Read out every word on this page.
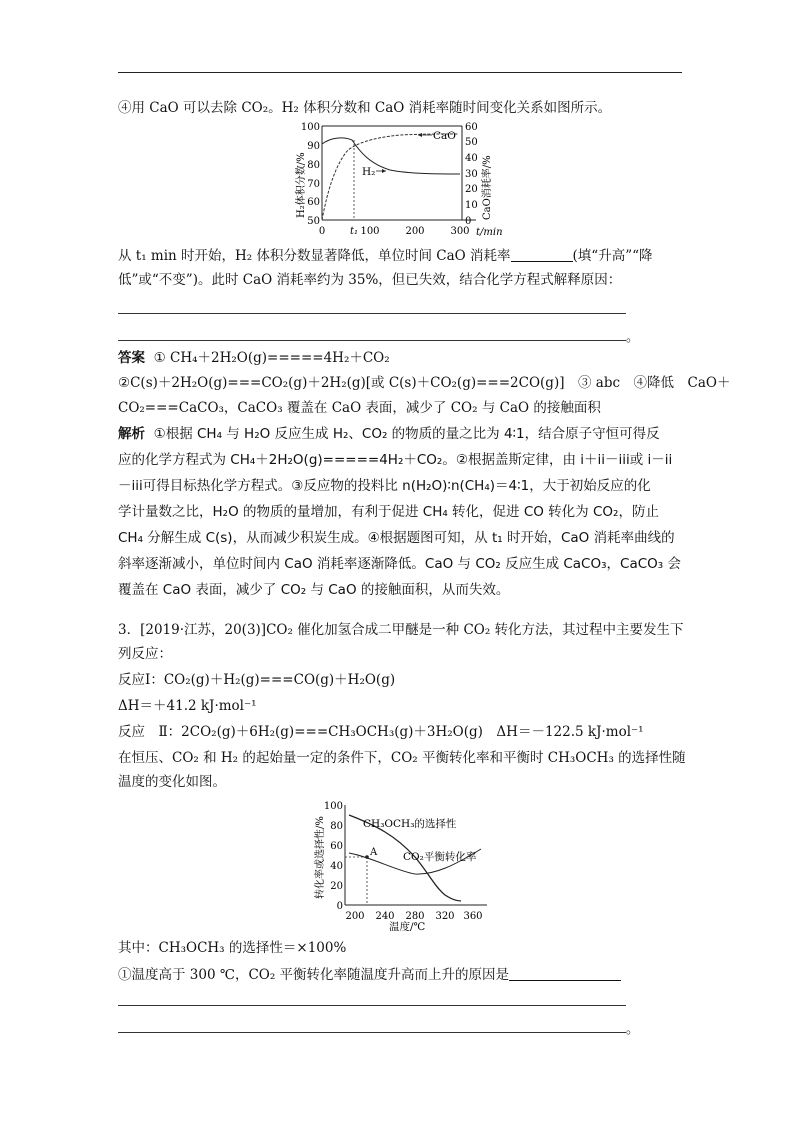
④用 CaO 可以去除 CO₂。H₂ 体积分数和 CaO 消耗率随时间变化关系如图所示。
100
90
80
70
60
50
60
50
40
30
20
10
0
0 t₁ 100	200	300 t/min
H₂体积分数/%	CaO消耗率/%
CaO
H₂
从 t₁ min 时开始，H₂ 体积分数显著降低，单位时间 CaO 消耗率	(填“升高”“降
低”或“不变”)。此时 CaO 消耗率约为 35%，但已失效，结合化学方程式解释原因：
。
答案 ① CH₄＋2H₂O(g)=====4H₂＋CO₂
②C(s)＋2H₂O(g)===CO₂(g)＋2H₂(g)[或 C(s)＋CO₂(g)===2CO(g)]　③ abc　④降低　CaO＋
CO₂===CaCO₃，CaCO₃ 覆盖在 CaO 表面，减少了 CO₂ 与 CaO 的接触面积
解析 ①根据 CH₄ 与 H₂O 反应生成 H₂、CO₂ 的物质的量之比为 4∶1，结合原子守恒可得反
应的化学方程式为 CH₄＋2H₂O(g)=====4H₂＋CO₂。②根据盖斯定律，由 i＋ii－iii或 i－ii
－iii可得目标热化学方程式。③反应物的投料比 n(H₂O)∶n(CH₄)＝4∶1，大于初始反应的化
学计量数之比，H₂O 的物质的量增加，有利于促进 CH₄ 转化，促进 CO 转化为 CO₂，防止
CH₄ 分解生成 C(s)，从而减少积炭生成。④根据题图可知，从 t₁ 时开始，CaO 消耗率曲线的
斜率逐渐减小，单位时间内 CaO 消耗率逐渐降低。CaO 与 CO₂ 反应生成 CaCO₃，CaCO₃ 会
覆盖在 CaO 表面，减少了 CO₂ 与 CaO 的接触面积，从而失效。
3．[2019·江苏，20(3)]CO₂ 催化加氢合成二甲醚是一种 CO₂ 转化方法，其过程中主要发生下
列反应：
反应Ⅰ：CO₂(g)＋H₂(g)===CO(g)＋H₂O(g)
ΔH＝＋41.2 kJ·mol⁻¹
反应　Ⅱ：2CO₂(g)＋6H₂(g)===CH₃OCH₃(g)＋3H₂O(g)　ΔH＝－122.5 kJ·mol⁻¹
在恒压、CO₂ 和 H₂ 的起始量一定的条件下，CO₂ 平衡转化率和平衡时 CH₃OCH₃ 的选择性随
温度的变化如图。
100
80
60
40
20
0
200 240 280 320 360
温度/℃
转化率或选择性/%	A
CH₃OCH₃的选择性
CO₂平衡转化率
其中：CH₃OCH₃ 的选择性＝×100%
①温度高于 300 ℃，CO₂ 平衡转化率随温度升高而上升的原因是
。
